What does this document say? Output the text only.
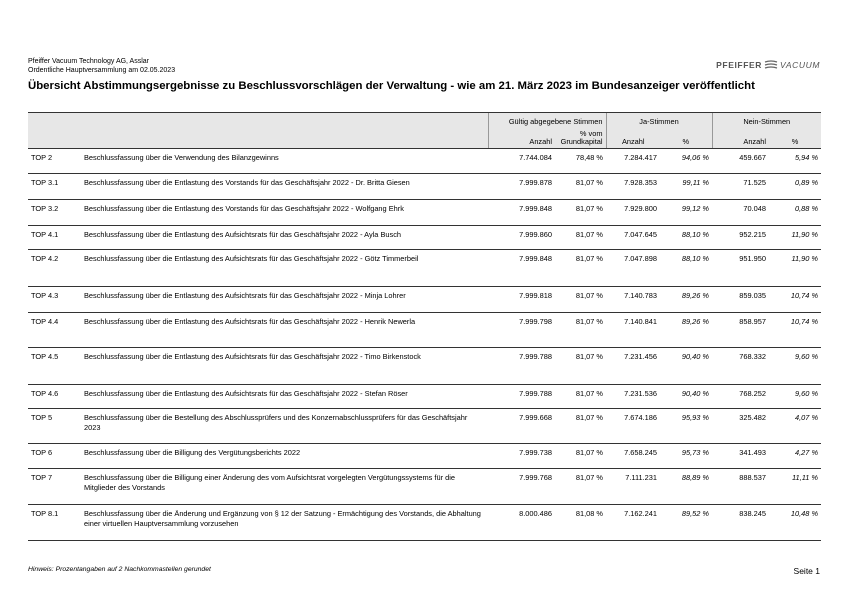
Pfeiffer Vacuum Technology AG, Asslar
Ordentliche Hauptversammlung am 02.05.2023
PFEIFFER VACUUM
Übersicht Abstimmungsergebnisse zu Beschlussvorschlägen der Verwaltung - wie am 21. März 2023 im Bundesanzeiger veröffentlicht
		Gültig abgegebene Stimmen		Ja-Stimmen		Nein-Stimmen	
		Anzahl	% vom Grundkapital	Anzahl	%	Anzahl	%
TOP 2	Beschlussfassung über die Verwendung des Bilanzgewinns	7.744.084	78,48 %	7.284.417	94,06 %	459.667	5,94 %
TOP 3.1	Beschlussfassung über die Entlastung des Vorstands für das Geschäftsjahr 2022 - Dr. Britta Giesen	7.999.878	81,07 %	7.928.353	99,11 %	71.525	0,89 %
TOP 3.2	Beschlussfassung über die Entlastung des Vorstands für das Geschäftsjahr 2022 - Wolfgang Ehrk	7.999.848	81,07 %	7.929.800	99,12 %	70.048	0,88 %
TOP 4.1	Beschlussfassung über die Entlastung des Aufsichtsrats für das Geschäftsjahr 2022 - Ayla Busch	7.999.860	81,07 %	7.047.645	88,10 %	952.215	11,90 %
TOP 4.2	Beschlussfassung über die Entlastung des Aufsichtsrats für das Geschäftsjahr 2022 - Götz Timmerbeil	7.999.848	81,07 %	7.047.898	88,10 %	951.950	11,90 %
TOP 4.3	Beschlussfassung über die Entlastung des Aufsichtsrats für das Geschäftsjahr 2022 - Minja Lohrer	7.999.818	81,07 %	7.140.783	89,26 %	859.035	10,74 %
TOP 4.4	Beschlussfassung über die Entlastung des Aufsichtsrats für das Geschäftsjahr 2022 - Henrik Newerla	7.999.798	81,07 %	7.140.841	89,26 %	858.957	10,74 %
TOP 4.5	Beschlussfassung über die Entlastung des Aufsichtsrats für das Geschäftsjahr 2022 - Timo Birkenstock	7.999.788	81,07 %	7.231.456	90,40 %	768.332	9,60 %
TOP 4.6	Beschlussfassung über die Entlastung des Aufsichtsrats für das Geschäftsjahr 2022 - Stefan Röser	7.999.788	81,07 %	7.231.536	90,40 %	768.252	9,60 %
TOP 5	Beschlussfassung über die Bestellung des Abschlussprüfers und des Konzernabschlussprüfers für das Geschäftsjahr 2023	7.999.668	81,07 %	7.674.186	95,93 %	325.482	4,07 %
TOP 6	Beschlussfassung über die Billigung des Vergütungsberichts 2022	7.999.738	81,07 %	7.658.245	95,73 %	341.493	4,27 %
TOP 7	Beschlussfassung über die Billigung einer Änderung des vom Aufsichtsrat vorgelegten Vergütungssystems für die Mitglieder des Vorstands	7.999.768	81,07 %	7.111.231	88,89 %	888.537	11,11 %
TOP 8.1	Beschlussfassung über die Änderung und Ergänzung von § 12 der Satzung - Ermächtigung des Vorstands, die Abhaltung einer virtuellen Hauptversammlung vorzusehen	8.000.486	81,08 %	7.162.241	89,52 %	838.245	10,48 %
Hinweis: Prozentangaben auf 2 Nachkommastellen gerundet	Seite 1
